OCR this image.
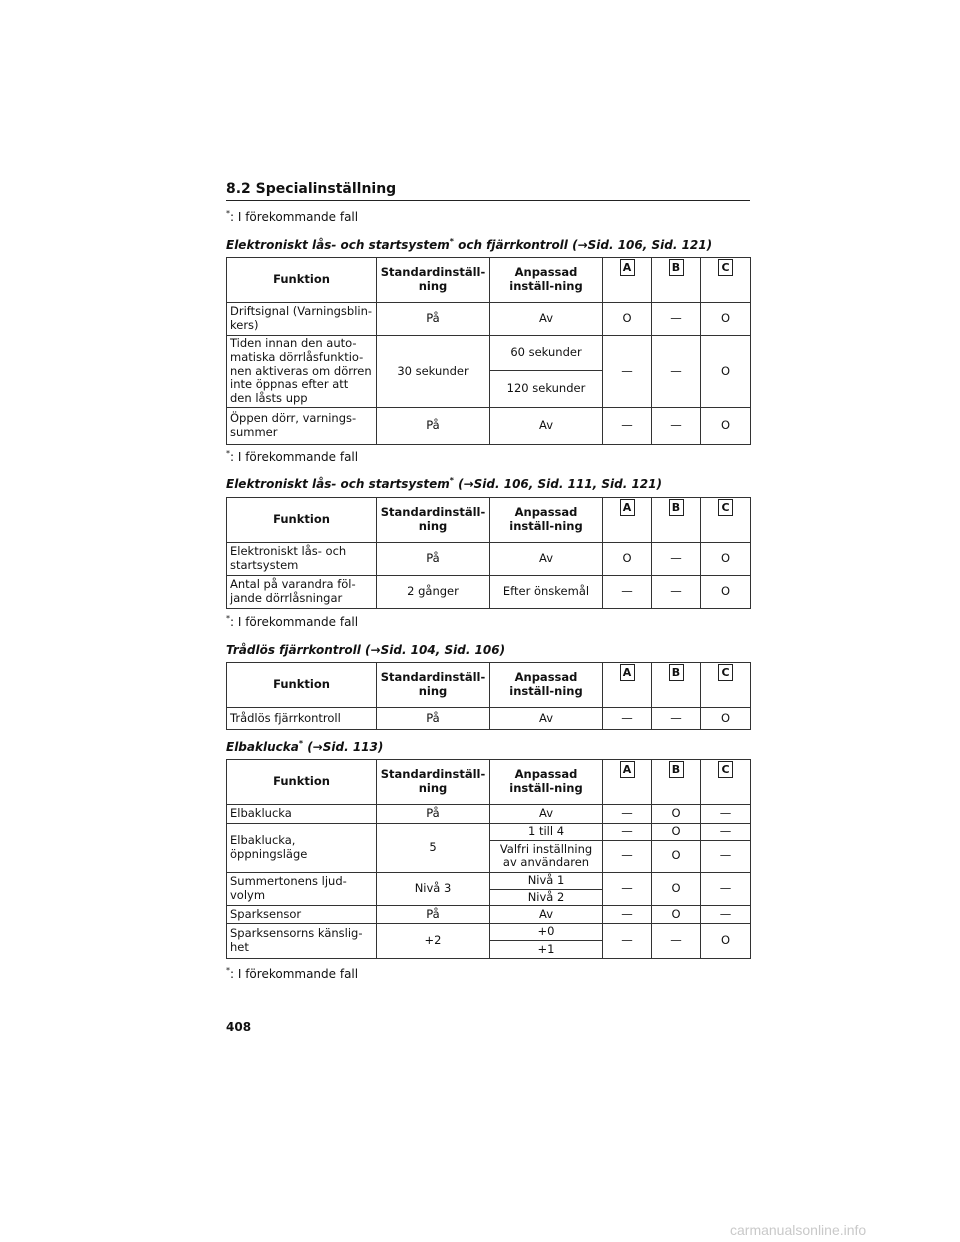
8.2 Specialinställning
*: I förekommande fall
Elektroniskt lås- och startsystem* och fjärrkontroll (→Sid. 106, Sid. 121)
Funktion	Standardinställ-ning	Anpassad inställ-ning	A	B	C
Driftsignal (Varningsblin-kers)	På	Av	O	—	O
Tiden innan den auto-matiska dörrlåsfunktio-nen aktiveras om dörren inte öppnas efter att den låsts upp	30 sekunder	60 sekunder	—	—	O
		120 sekunder			
Öppen dörr, varnings-summer	På	Av	—	—	O
*: I förekommande fall
Elektroniskt lås- och startsystem* (→Sid. 106, Sid. 111, Sid. 121)
Funktion	Standardinställ-ning	Anpassad inställ-ning	A	B	C
Elektroniskt lås- och startsystem	På	Av	O	—	O
Antal på varandra föl-jande dörrlåsningar	2 gånger	Efter önskemål	—	—	O
*: I förekommande fall
Trådlös fjärrkontroll (→Sid. 104, Sid. 106)
Funktion	Standardinställ-ning	Anpassad inställ-ning	A	B	C
Trådlös fjärrkontroll	På	Av	—	—	O
Elbaklucka* (→Sid. 113)
Funktion	Standardinställ-ning	Anpassad inställ-ning	A	B	C
Elbaklucka	På	Av	—	O	—
Elbaklucka, öppningsläge	5	1 till 4	—	O	—
		Valfri inställning av användaren	—	O	—
Summertonens ljud-volym	Nivå 3	Nivå 1	—	O	—
		Nivå 2			
Sparksensor	På	Av	—	O	—
Sparksensorns känslig-het	+2	+0	—	—	O
		+1			
*: I förekommande fall
408
carmanualsonline.info
